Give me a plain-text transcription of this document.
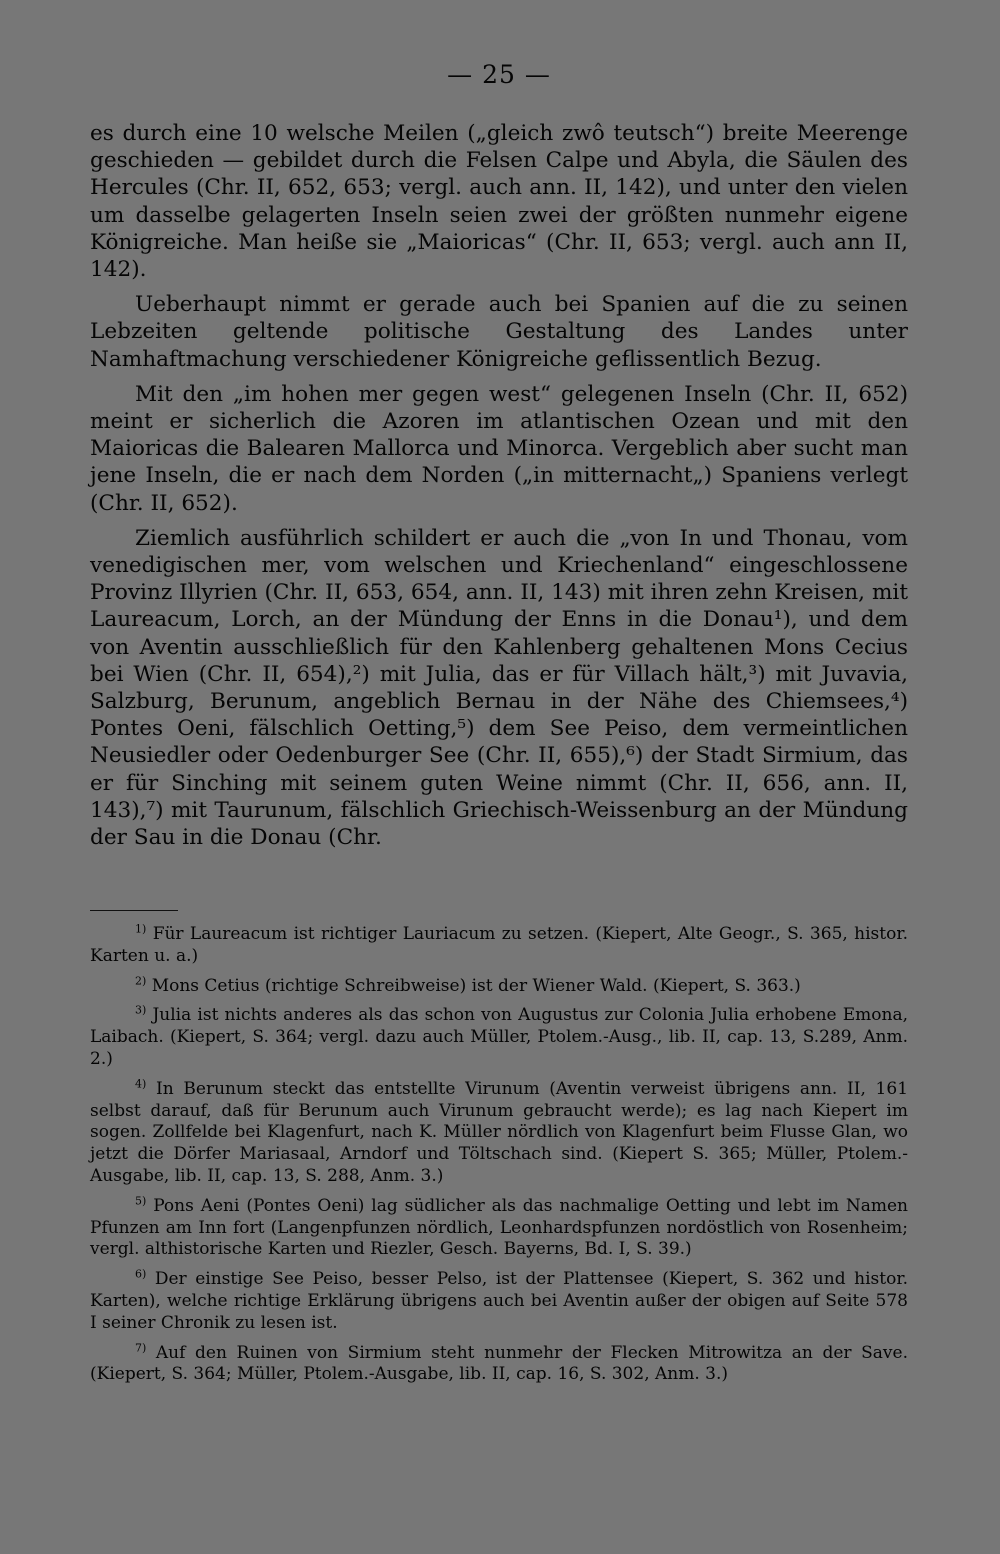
— 25 —

es durch eine 10 welsche Meilen („gleich zwô teutsch“) breite Meerenge geschieden — gebildet durch die Felsen Calpe und Abyla, die Säulen des Hercules (Chr. II, 652, 653; vergl. auch ann. II, 142), und unter den vielen um dasselbe gelagerten Inseln seien zwei der größten nunmehr eigene Königreiche. Man heiße sie „Maioricas“ (Chr. II, 653; vergl. auch ann II, 142).

Ueberhaupt nimmt er gerade auch bei Spanien auf die zu seinen Lebzeiten geltende politische Gestaltung des Landes unter Namhaftmachung verschiedener Königreiche geflissentlich Bezug.

Mit den „im hohen mer gegen west“ gelegenen Inseln (Chr. II, 652) meint er sicherlich die Azoren im atlantischen Ozean und mit den Maioricas die Balearen Mallorca und Minorca. Vergeblich aber sucht man jene Inseln, die er nach dem Norden („in mitternacht„) Spaniens verlegt (Chr. II, 652).

Ziemlich ausführlich schildert er auch die „von In und Thonau, vom venedigischen mer, vom welschen und Kriechenland“ eingeschlossene Provinz Illyrien (Chr. II, 653, 654, ann. II, 143) mit ihren zehn Kreisen, mit Laureacum, Lorch, an der Mündung der Enns in die Donau¹), und dem von Aventin ausschließlich für den Kahlenberg gehaltenen Mons Cecius bei Wien (Chr. II, 654),²) mit Julia, das er für Villach hält,³) mit Juvavia, Salzburg, Berunum, angeblich Bernau in der Nähe des Chiemsees,⁴) Pontes Oeni, fälschlich Oetting,⁵) dem See Peiso, dem vermeintlichen Neusiedler oder Oedenburger See (Chr. II, 655),⁶) der Stadt Sirmium, das er für Sinching mit seinem guten Weine nimmt (Chr. II, 656, ann. II, 143),⁷) mit Taurunum, fälschlich Griechisch-Weissenburg an der Mündung der Sau in die Donau (Chr.

$^{1)}$ Für Laureacum ist richtiger Lauriacum zu setzen. (Kiepert, Alte Geogr., S. 365, histor. Karten u. a.)

$^{2)}$ Mons Cetius (richtige Schreibweise) ist der Wiener Wald. (Kiepert, S. 363.)

$^{3)}$ Julia ist nichts anderes als das schon von Augustus zur Colonia Julia erhobene Emona, Laibach. (Kiepert, S. 364; vergl. dazu auch Müller, Ptolem.-Ausg., lib. II, cap. 13, S.289, Anm. 2.)

$^{4)}$ In Berunum steckt das entstellte Virunum (Aventin verweist übrigens ann. II, 161 selbst darauf, daß für Berunum auch Virunum gebraucht werde); es lag nach Kiepert im sogen. Zollfelde bei Klagenfurt, nach K. Müller nördlich von Klagenfurt beim Flusse Glan, wo jetzt die Dörfer Mariasaal, Arndorf und Töltschach sind. (Kiepert S. 365; Müller, Ptolem.-Ausgabe, lib. II, cap. 13, S. 288, Anm. 3.)

$^{5)}$ Pons Aeni (Pontes Oeni) lag südlicher als das nachmalige Oetting und lebt im Namen Pfunzen am Inn fort (Langenpfunzen nördlich, Leonhardspfunzen nordöstlich von Rosenheim; vergl. althistorische Karten und Riezler, Gesch. Bayerns, Bd. I, S. 39.)

$^{6)}$ Der einstige See Peiso, besser Pelso, ist der Plattensee (Kiepert, S. 362 und histor. Karten), welche richtige Erklärung übrigens auch bei Aventin außer der obigen auf Seite 578 I seiner Chronik zu lesen ist.

$^{7)}$ Auf den Ruinen von Sirmium steht nunmehr der Flecken Mitrowitza an der Save. (Kiepert, S. 364; Müller, Ptolem.-Ausgabe, lib. II, cap. 16, S. 302, Anm. 3.)
